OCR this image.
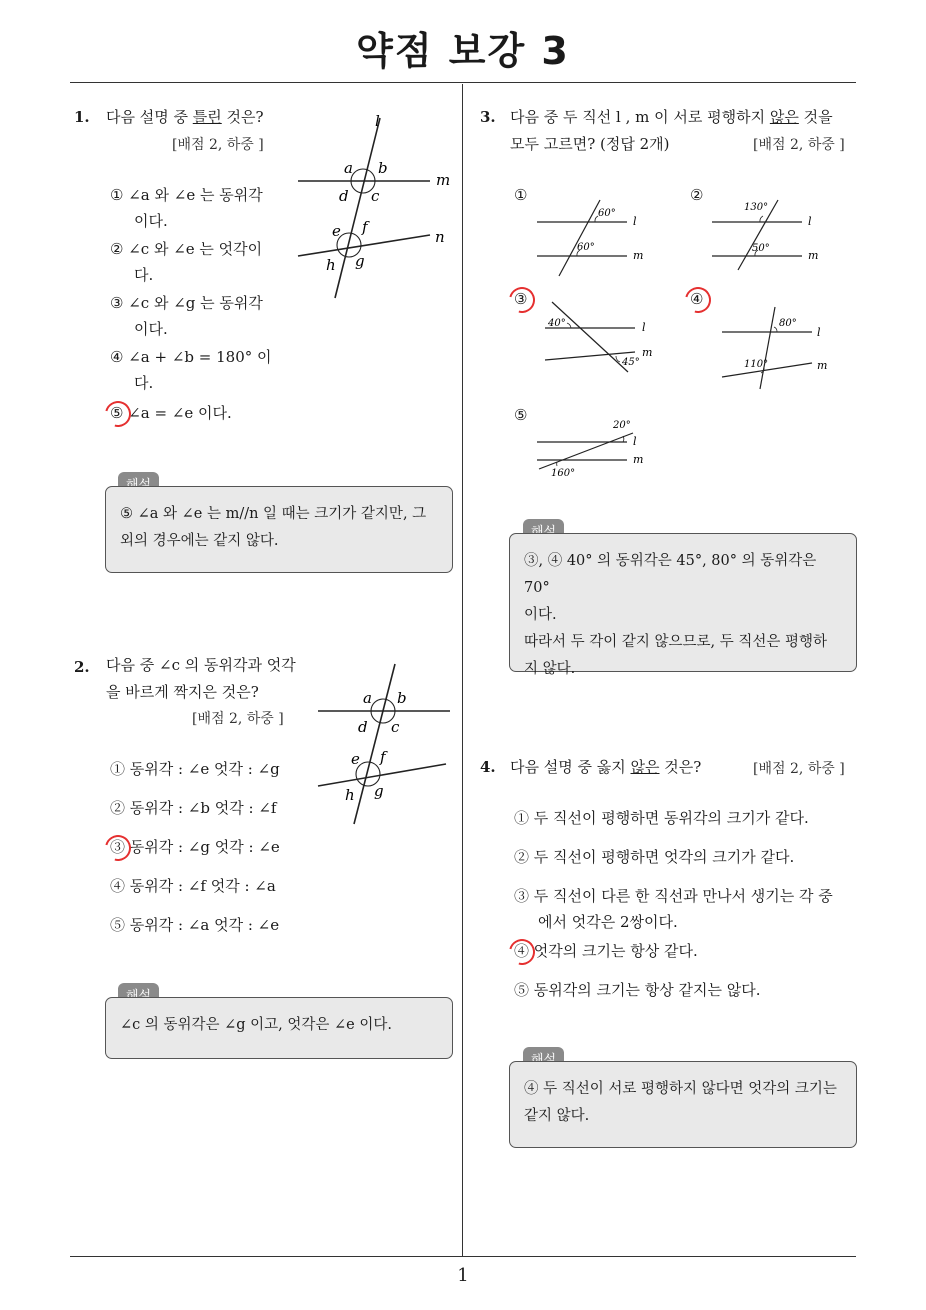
약점 보강 3
1
1. 다음 설명 중 틀린 것은?
[배점 2, 하중 ]
① ∠a 와 ∠e 는 동위각
이다.
② ∠c 와 ∠e 는 엇각이
다.
③ ∠c 와 ∠g 는 동위각
이다.
④ ∠a + ∠b = 180° 이
다.
⑤ ∠a = ∠e 이다.
l
m
n
a b
c
d
e f
g
h
⑤ ∠a 와 ∠e 는 m//n 일 때는 크기가 같지만, 그
외의 경우에는 같지 않다.
2. 다음 중 ∠c 의 동위각과 엇각
을 바르게 짝지은 것은?
[배점 2, 하중 ]
① 동위각 : ∠e 엇각 : ∠g
② 동위각 : ∠b 엇각 : ∠f
③ 동위각 : ∠g 엇각 : ∠e
④ 동위각 : ∠f 엇각 : ∠a
⑤ 동위각 : ∠a 엇각 : ∠e
a b
c
d
e f
g
h
∠c 의 동위각은 ∠g 이고, 엇각은 ∠e 이다.
3. 다음 중 두 직선 l , m 이 서로 평행하지 않은 것을
모두 고르면? (정답 2개)	[배점 2, 하중 ]
①	②
③	④
⑤
60°
60°
l
m
130°
50°
l
m
40°
45°
l
m
80°
110°
l
m
20°
160°
l
m
③, ④ 40° 의 동위각은 45°, 80° 의 동위각은 70°
이다.
따라서 두 각이 같지 않으므로, 두 직선은 평행하
지 않다.
4. 다음 설명 중 옳지 않은 것은?	[배점 2, 하중 ]
① 두 직선이 평행하면 동위각의 크기가 같다.
② 두 직선이 평행하면 엇각의 크기가 같다.
③ 두 직선이 다른 한 직선과 만나서 생기는 각 중
에서 엇각은 2쌍이다.
④ 엇각의 크기는 항상 같다.
⑤ 동위각의 크기는 항상 같지는 않다.
④ 두 직선이 서로 평행하지 않다면 엇각의 크기는
같지 않다.
